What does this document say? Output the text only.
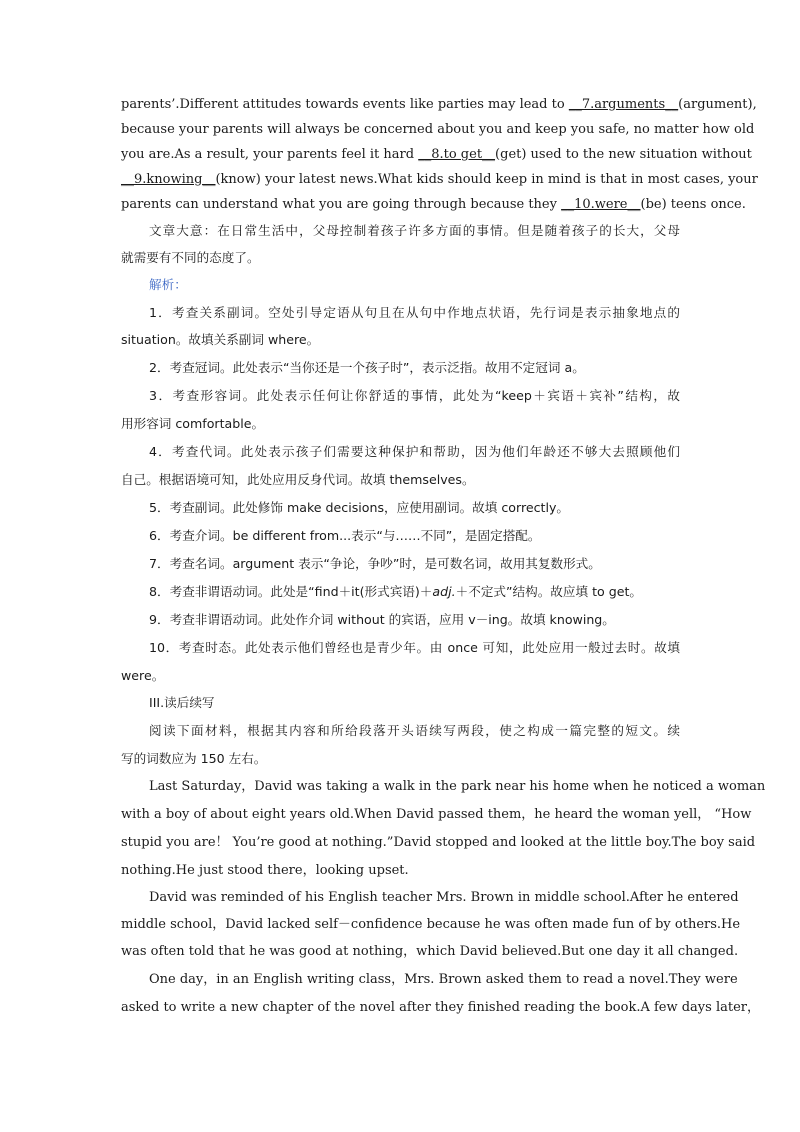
parents’.Different attitudes towards events like parties may lead to __7.arguments__(argument),
because your parents will always be concerned about you and keep you safe, no matter how old
you are.As a result, your parents feel it hard __8.to get__(get) used to the new situation without
__9.knowing__(know) your latest news.What kids should keep in mind is that in most cases, your
parents can understand what you are going through because they __10.were__(be) teens once.
文章大意：在日常生活中，父母控制着孩子许多方面的事情。但是随着孩子的长大，父母
就需要有不同的态度了。
解析：
1．考查关系副词。空处引导定语从句且在从句中作地点状语，先行词是表示抽象地点的
situation。故填关系副词 where。
2．考查冠词。此处表示“当你还是一个孩子时”，表示泛指。故用不定冠词 a。
3．考查形容词。此处表示任何让你舒适的事情，此处为“keep＋宾语＋宾补”结构，故
用形容词 comfortable。
4．考查代词。此处表示孩子们需要这种保护和帮助，因为他们年龄还不够大去照顾他们
自己。根据语境可知，此处应用反身代词。故填 themselves。
5．考查副词。此处修饰 make decisions，应使用副词。故填 correctly。
6．考查介词。be different from...表示“与……不同”，是固定搭配。
7．考查名词。argument 表示“争论，争吵”时，是可数名词，故用其复数形式。
8．考查非谓语动词。此处是“find＋it(形式宾语)＋adj.＋不定式”结构。故应填 to get。
9．考查非谓语动词。此处作介词 without 的宾语，应用 v－ing。故填 knowing。
10．考查时态。此处表示他们曾经也是青少年。由 once 可知，此处应用一般过去时。故填
were。
III.读后续写
阅读下面材料，根据其内容和所给段落开头语续写两段，使之构成一篇完整的短文。续
写的词数应为 150 左右。
Last Saturday，David was taking a walk in the park near his home when he noticed a woman
with a boy of about eight years old.When David passed them，he heard the woman yell， “How
stupid you are！ You’re good at nothing.”David stopped and looked at the little boy.The boy said
nothing.He just stood there，looking upset.
David was reminded of his English teacher Mrs. Brown in middle school.After he entered
middle school，David lacked self－confidence because he was often made fun of by others.He
was often told that he was good at nothing，which David believed.But one day it all changed.
One day，in an English writing class，Mrs. Brown asked them to read a novel.They were
asked to write a new chapter of the novel after they finished reading the book.A few days later，
